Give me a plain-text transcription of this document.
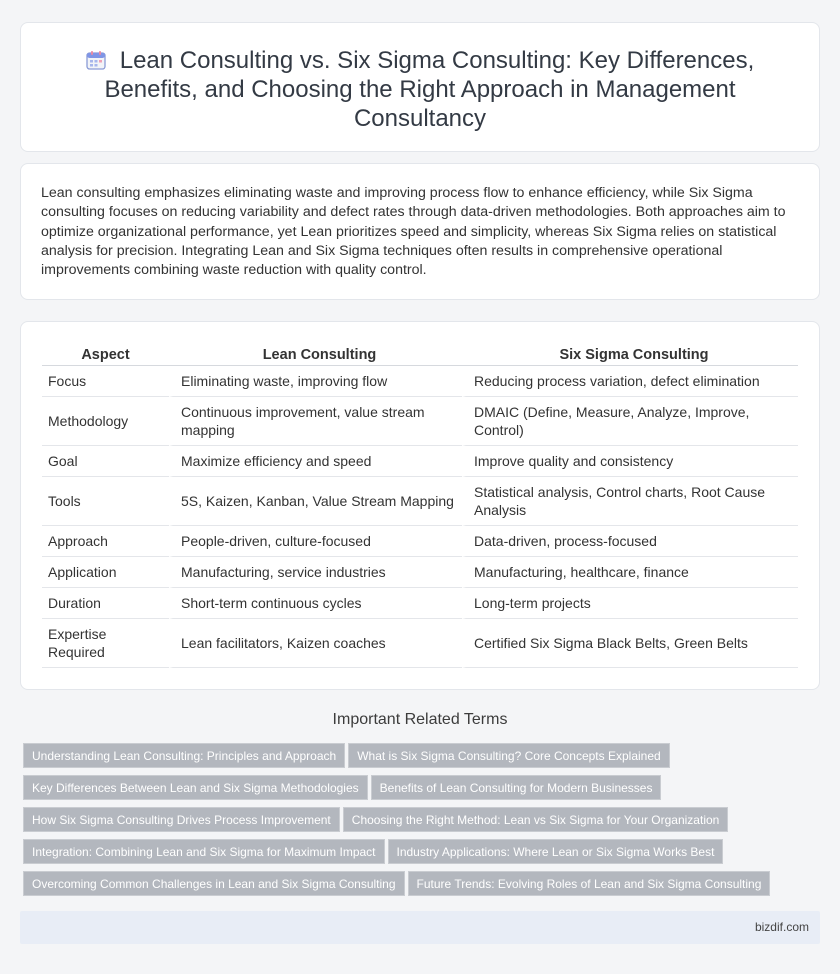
Lean Consulting vs. Six Sigma Consulting: Key Differences, Benefits, and Choosing the Right Approach in Management Consultancy

Lean consulting emphasizes eliminating waste and improving process flow to enhance efficiency, while Six Sigma consulting focuses on reducing variability and defect rates through data-driven methodologies. Both approaches aim to optimize organizational performance, yet Lean prioritizes speed and simplicity, whereas Six Sigma relies on statistical analysis for precision. Integrating Lean and Six Sigma techniques often results in comprehensive operational improvements combining waste reduction with quality control.

Aspect	Lean Consulting	Six Sigma Consulting
Focus	Eliminating waste, improving flow	Reducing process variation, defect elimination
Methodology	Continuous improvement, value stream mapping	DMAIC (Define, Measure, Analyze, Improve, Control)
Goal	Maximize efficiency and speed	Improve quality and consistency
Tools	5S, Kaizen, Kanban, Value Stream Mapping	Statistical analysis, Control charts, Root Cause Analysis
Approach	People-driven, culture-focused	Data-driven, process-focused
Application	Manufacturing, service industries	Manufacturing, healthcare, finance
Duration	Short-term continuous cycles	Long-term projects
Expertise Required	Lean facilitators, Kaizen coaches	Certified Six Sigma Black Belts, Green Belts
Important Related Terms
Understanding Lean Consulting: Principles and Approach What is Six Sigma Consulting? Core Concepts Explained
Key Differences Between Lean and Six Sigma Methodologies Benefits of Lean Consulting for Modern Businesses
How Six Sigma Consulting Drives Process Improvement Choosing the Right Method: Lean vs Six Sigma for Your Organization
Integration: Combining Lean and Six Sigma for Maximum Impact Industry Applications: Where Lean or Six Sigma Works Best
Overcoming Common Challenges in Lean and Six Sigma Consulting Future Trends: Evolving Roles of Lean and Six Sigma Consulting
bizdif.com
